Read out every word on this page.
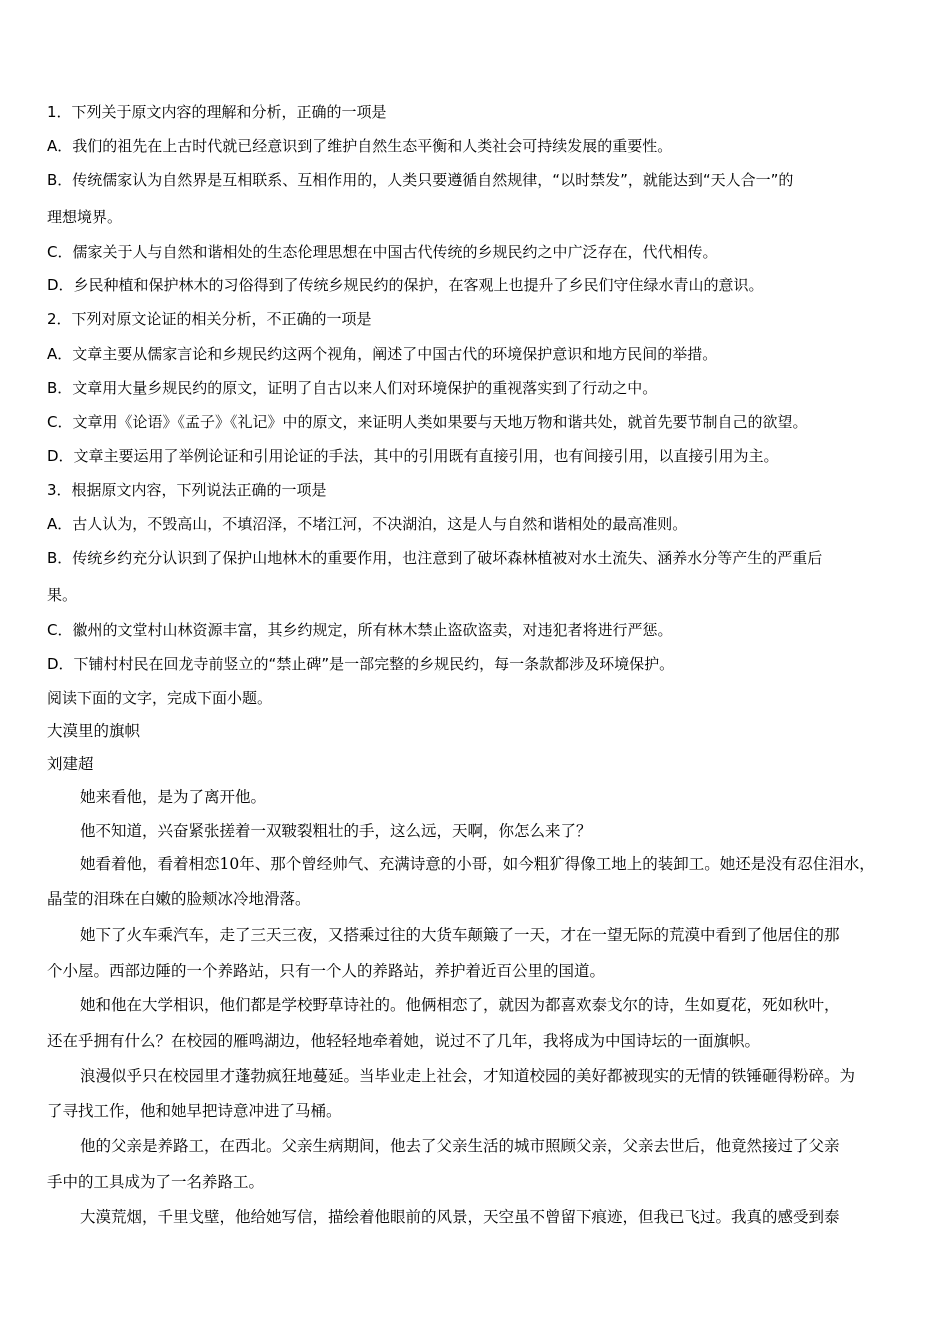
1．下列关于原文内容的理解和分析，正确的一项是

A．我们的祖先在上古时代就已经意识到了维护自然生态平衡和人类社会可持续发展的重要性。

B．传统儒家认为自然界是互相联系、互相作用的，人类只要遵循自然规律，“以时禁发”，就能达到“天人合一”的

理想境界。

C．儒家关于人与自然和谐相处的生态伦理思想在中国古代传统的乡规民约之中广泛存在，代代相传。

D．乡民种植和保护林木的习俗得到了传统乡规民约的保护，在客观上也提升了乡民们守住绿水青山的意识。

2．下列对原文论证的相关分析，不正确的一项是

A．文章主要从儒家言论和乡规民约这两个视角，阐述了中国古代的环境保护意识和地方民间的举措。

B．文章用大量乡规民约的原文，证明了自古以来人们对环境保护的重视落实到了行动之中。

C．文章用《论语》《孟子》《礼记》中的原文，来证明人类如果要与天地万物和谐共处，就首先要节制自己的欲望。

D．文章主要运用了举例论证和引用论证的手法，其中的引用既有直接引用，也有间接引用，以直接引用为主。

3．根据原文内容，下列说法正确的一项是

A．古人认为，不毁高山，不填沼泽，不堵江河，不决湖泊，这是人与自然和谐相处的最高准则。

B．传统乡约充分认识到了保护山地林木的重要作用，也注意到了破坏森林植被对水土流失、涵养水分等产生的严重后

果。

C．徽州的文堂村山林资源丰富，其乡约规定，所有林木禁止盗砍盗卖，对违犯者将进行严惩。

D．下铺村村民在回龙寺前竖立的“禁止碑”是一部完整的乡规民约，每一条款都涉及环境保护。

阅读下面的文字，完成下面小题。

大漠里的旗帜

刘建超

她来看他，是为了离开他。

他不知道，兴奋紧张搓着一双皲裂粗壮的手，这么远，天啊，你怎么来了？

她看着他，看着相恋10年、那个曾经帅气、充满诗意的小哥，如今粗犷得像工地上的装卸工。她还是没有忍住泪水，

晶莹的泪珠在白嫩的脸颊冰冷地滑落。

她下了火车乘汽车，走了三天三夜，又搭乘过往的大货车颠簸了一天，才在一望无际的荒漠中看到了他居住的那

个小屋。西部边陲的一个养路站，只有一个人的养路站，养护着近百公里的国道。

她和他在大学相识，他们都是学校野草诗社的。他俩相恋了，就因为都喜欢泰戈尔的诗，生如夏花，死如秋叶，

还在乎拥有什么？在校园的雁鸣湖边，他轻轻地牵着她，说过不了几年，我将成为中国诗坛的一面旗帜。

浪漫似乎只在校园里才蓬勃疯狂地蔓延。当毕业走上社会，才知道校园的美好都被现实的无情的铁锤砸得粉碎。为

了寻找工作，他和她早把诗意冲进了马桶。

他的父亲是养路工，在西北。父亲生病期间，他去了父亲生活的城市照顾父亲，父亲去世后，他竟然接过了父亲

手中的工具成为了一名养路工。

大漠荒烟，千里戈壁，他给她写信，描绘着他眼前的风景，天空虽不曾留下痕迹，但我已飞过。我真的感受到泰
